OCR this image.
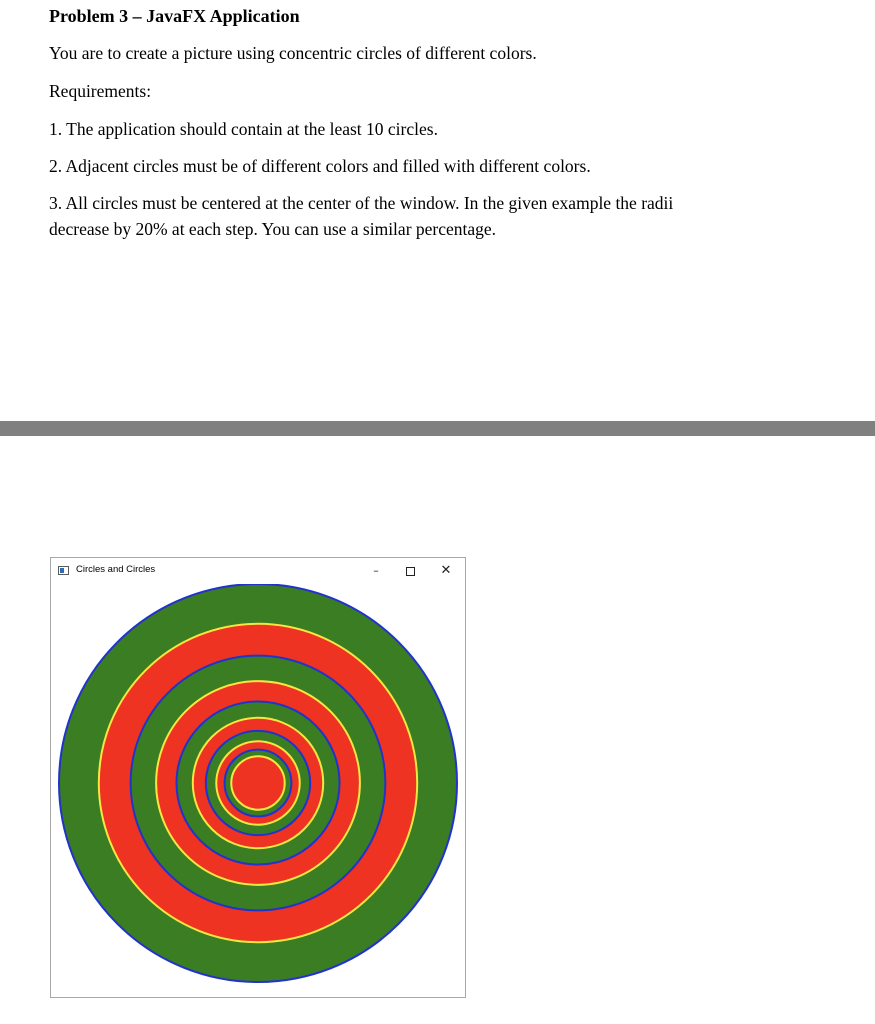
Problem 3 – JavaFX Application
You are to create a picture using concentric circles of different colors.
Requirements:
1. The application should contain at the least 10 circles.
2. Adjacent circles must be of different colors and filled with different colors.
3. All circles must be centered at the center of the window. In the given example the radii
decrease by 20% at each step. You can use a similar percentage.
Circles and Circles	–	✕
